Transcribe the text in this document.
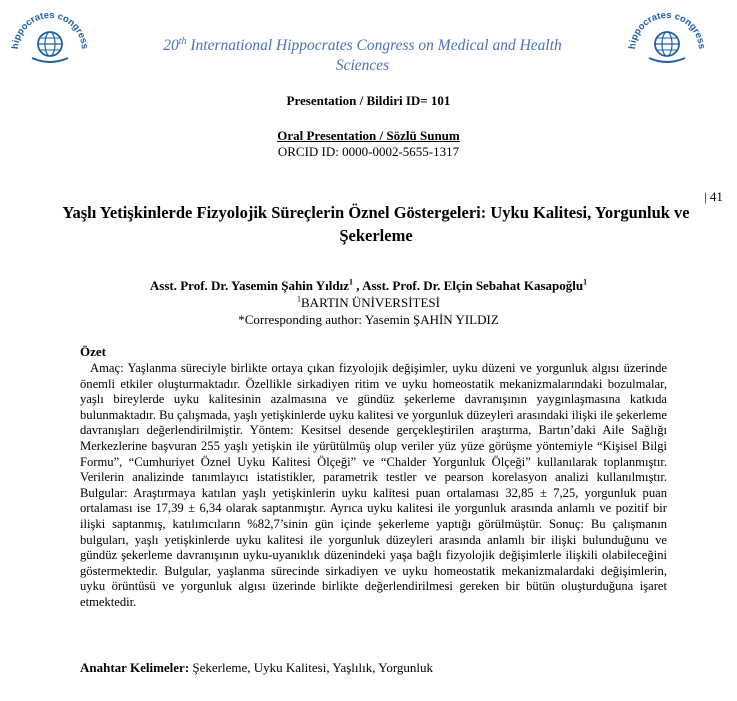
hippocrates congress	hippocrates congress
20th International Hippocrates Congress on Medical and Health Sciences
Presentation / Bildiri ID= 101
Oral Presentation / Sözlü Sunum
ORCID ID: 0000-0002-5655-1317
| 41
Yaşlı Yetişkinlerde Fizyolojik Süreçlerin Öznel Göstergeleri: Uyku Kalitesi, Yorgunluk ve Şekerleme
Asst. Prof. Dr. Yasemin Şahin Yıldız$^1$ , Asst. Prof. Dr. Elçin Sebahat Kasapoğlu$^1$
$^1$BARTIN ÜNİVERSİTESİ
*Corresponding author: Yasemin ŞAHİN YILDIZ
Özet
Amaç: Yaşlanma süreciyle birlikte ortaya çıkan fizyolojik değişimler, uyku düzeni ve yorgunluk algısı üzerinde önemli etkiler oluşturmaktadır. Özellikle sirkadiyen ritim ve uyku homeostatik mekanizmalarındaki bozulmalar, yaşlı bireylerde uyku kalitesinin azalmasına ve gündüz şekerleme davranışının yaygınlaşmasına katkıda bulunmaktadır. Bu çalışmada, yaşlı yetişkinlerde uyku kalitesi ve yorgunluk düzeyleri arasındaki ilişki ile şekerleme davranışları değerlendirilmiştir. Yöntem: Kesitsel desende gerçekleştirilen araştırma, Bartın’daki Aile Sağlığı Merkezlerine başvuran 255 yaşlı yetişkin ile yürütülmüş olup veriler yüz yüze görüşme yöntemiyle “Kişisel Bilgi Formu”, “Cumhuriyet Öznel Uyku Kalitesi Ölçeği” ve “Chalder Yorgunluk Ölçeği” kullanılarak toplanmıştır. Verilerin analizinde tanımlayıcı istatistikler, parametrik testler ve pearson korelasyon analizi kullanılmıştır. Bulgular: Araştırmaya katılan yaşlı yetişkinlerin uyku kalitesi puan ortalaması 32,85 ± 7,25, yorgunluk puan ortalaması ise 17,39 ± 6,34 olarak saptanmıştır. Ayrıca uyku kalitesi ile yorgunluk arasında anlamlı ve pozitif bir ilişki saptanmış, katılımcıların %82,7’sinin gün içinde şekerleme yaptığı görülmüştür. Sonuç: Bu çalışmanın bulguları, yaşlı yetişkinlerde uyku kalitesi ile yorgunluk düzeyleri arasında anlamlı bir ilişki bulunduğunu ve gündüz şekerleme davranışının uyku-uyanıklık düzenindeki yaşa bağlı fizyolojik değişimlerle ilişkili olabileceğini göstermektedir. Bulgular, yaşlanma sürecinde sirkadiyen ve uyku homeostatik mekanizmalardaki değişimlerin, uyku örüntüsü ve yorgunluk algısı üzerinde birlikte değerlendirilmesi gereken bir bütün oluşturduğuna işaret etmektedir.
Anahtar Kelimeler: Şekerleme, Uyku Kalitesi, Yaşlılık, Yorgunluk
